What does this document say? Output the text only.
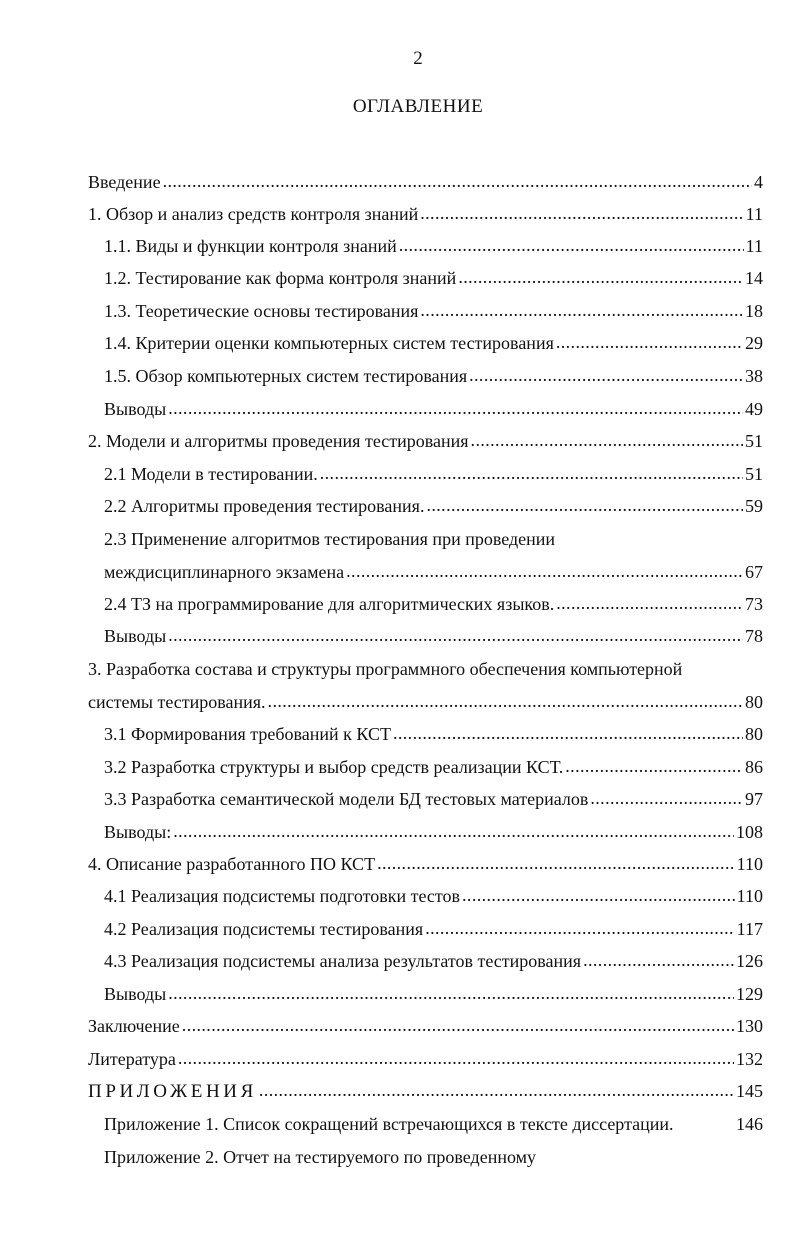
2
ОГЛАВЛЕНИЕ
Введение .....	4
1. Обзор и анализ средств контроля знаний .....	11
1.1. Виды и функции контроля знаний .....	11
1.2. Тестирование как форма контроля знаний .....	14
1.3. Теоретические основы тестирования .....	18
1.4. Критерии оценки компьютерных систем тестирования .....	29
1.5. Обзор компьютерных систем тестирования .....	38
Выводы .....	49
2. Модели и алгоритмы проведения тестирования .....	51
2.1 Модели в тестировании. .....	51
2.2 Алгоритмы проведения тестирования. .....	59
2.3 Применение алгоритмов тестирования при проведении
междисциплинарного экзамена .....	67
2.4 ТЗ на программирование для алгоритмических языков. .....	73
Выводы .....	78
3. Разработка состава и структуры программного обеспечения компьютерной
системы тестирования. .....	80
3.1 Формирования требований к КСТ .....	80
3.2 Разработка структуры и выбор средств реализации КСТ. .....	86
3.3 Разработка семантической модели БД тестовых материалов .....	97
Выводы: .....	108
4. Описание разработанного ПО КСТ .....	110
4.1 Реализация подсистемы подготовки тестов .....	110
4.2 Реализация подсистемы тестирования .....	117
4.3 Реализация подсистемы анализа результатов тестирования .....	126
Выводы .....	129
Заключение .....	130
Литература .....	132
ПРИЛОЖЕНИЯ .....	145
Приложение 1. Список сокращений встречающихся в тексте диссертации.	146
Приложение 2. Отчет на тестируемого по проведенному
